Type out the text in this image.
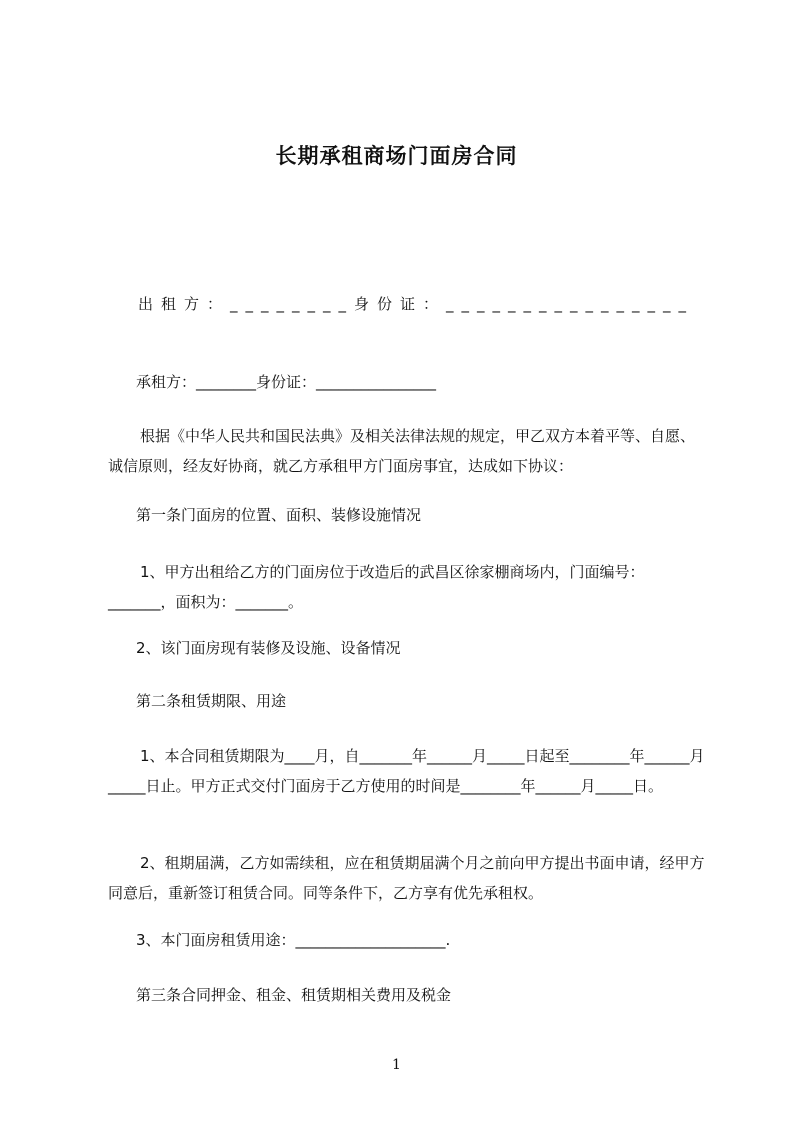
长期承租商场门面房合同
出租方：________身份证：________________
承租方：________身份证：________________
根据《中华人民共和国民法典》及相关法律法规的规定，甲乙双方本着平等、自愿、诚信原则，经友好协商，就乙方承租甲方门面房事宜，达成如下协议：
第一条门面房的位置、面积、装修设施情况
1、甲方出租给乙方的门面房位于改造后的武昌区徐家棚商场内，门面编号：_______，面积为：_______。
2、该门面房现有装修及设施、设备情况
第二条租赁期限、用途
1、本合同租赁期限为____月，自_______年______月_____日起至________年______月_____日止。甲方正式交付门面房于乙方使用的时间是________年______月_____日。
2、租期届满，乙方如需续租，应在租赁期届满个月之前向甲方提出书面申请，经甲方同意后，重新签订租赁合同。同等条件下，乙方享有优先承租权。
3、本门面房租赁用途：____________________.
第三条合同押金、租金、租赁期相关费用及税金
1
